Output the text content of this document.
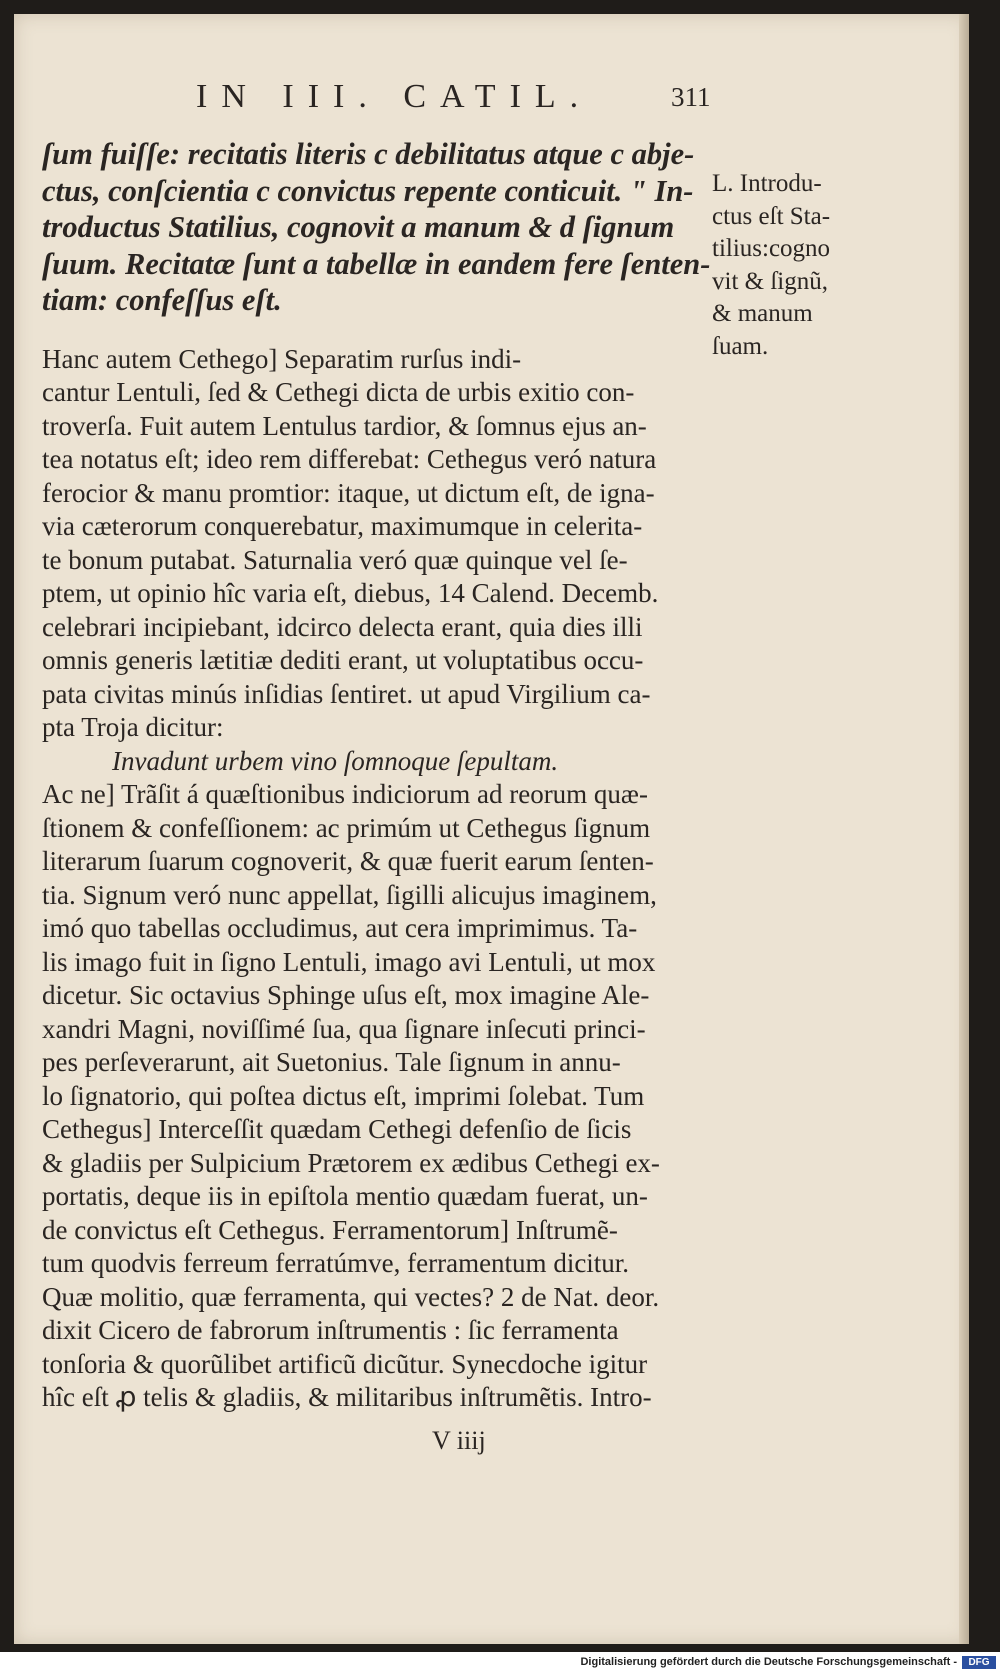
IN III. CATIL.	311
ſum fuiſſe: recitatis literis c debilitatus atque c abje-
ctus, conſcientia c convictus repente conticuit. " In-
troductus Statilius, cognovit a manum & d ſignum
ſuum. Recitatæ ſunt a tabellæ in eandem fere ſenten-
tiam: confeſſus eſt.
Hanc autem Cethego] Separatim rurſus indi-
cantur Lentuli, ſed & Cethegi dicta de urbis exitio con-
troverſa. Fuit autem Lentulus tardior, & ſomnus ejus an-
tea notatus eſt; ideo rem differebat: Cethegus veró natura
ferocior & manu promtior: itaque, ut dictum eſt, de igna-
via cæterorum conquerebatur, maximumque in celerita-
te bonum putabat. Saturnalia veró quæ quinque vel ſe-
ptem, ut opinio hîc varia eſt, diebus, 14 Calend. Decemb.
celebrari incipiebant, idcirco delecta erant, quia dies illi
omnis generis lætitiæ dediti erant, ut voluptatibus occu-
pata civitas minús inſidias ſentiret. ut apud Virgilium ca-
pta Troja dicitur:
Invadunt urbem vino ſomnoque ſepultam.
Ac ne] Trãſit á quæſtionibus indiciorum ad reorum quæ-
ſtionem & confeſſionem: ac primúm ut Cethegus ſignum
literarum ſuarum cognoverit, & quæ fuerit earum ſenten-
tia. Signum veró nunc appellat, ſigilli alicujus imaginem,
imó quo tabellas occludimus, aut cera imprimimus. Ta-
lis imago fuit in ſigno Lentuli, imago avi Lentuli, ut mox
dicetur. Sic octavius Sphinge uſus eſt, mox imagine Ale-
xandri Magni, noviſſimé ſua, qua ſignare inſecuti princi-
pes perſeverarunt, ait Suetonius. Tale ſignum in annu-
lo ſignatorio, qui poſtea dictus eſt, imprimi ſolebat. Tum
Cethegus] Interceſſit quædam Cethegi defenſio de ſicis
& gladiis per Sulpicium Prætorem ex ædibus Cethegi ex-
portatis, deque iis in epiſtola mentio quædam fuerat, un-
de convictus eſt Cethegus. Ferramentorum] Inſtrumẽ-
tum quodvis ferreum ferratúmve, ferramentum dicitur.
Quæ molitio, quæ ferramenta, qui vectes? 2 de Nat. deor.
dixit Cicero de fabrorum inſtrumentis : ſic ferramenta
tonſoria & quorũlibet artificũ dicũtur. Synecdoche igitur
hîc eſt ꝓ telis & gladiis, & militaribus inſtrumẽtis. Intro-
L. Introdu-
ctus eſt Sta-
tilius:cogno
vit & ſignũ,
& manum
ſuam.
V iiij
Digitalisierung gefördert durch die Deutsche Forschungsgemeinschaft -	DFG
